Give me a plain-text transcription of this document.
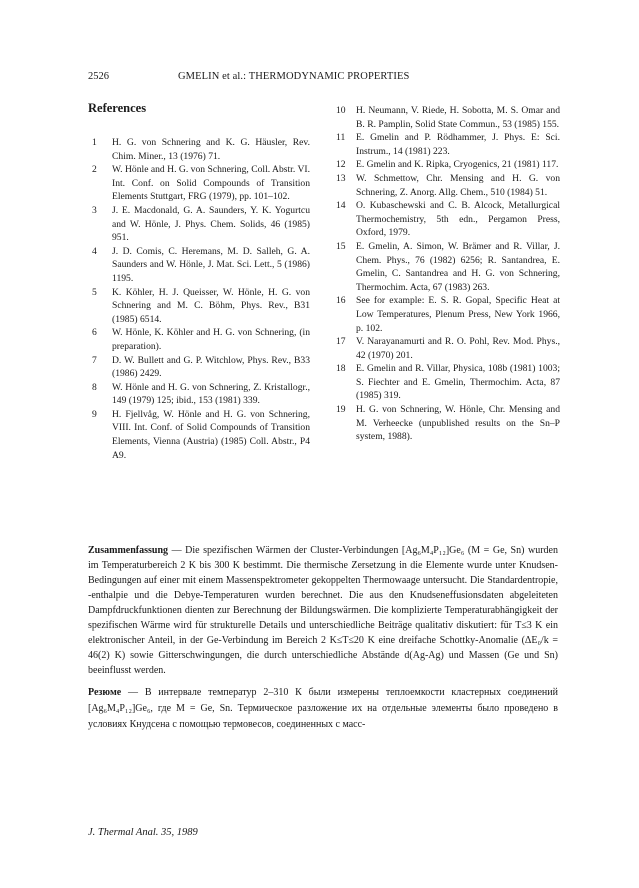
2526	GMELIN et al.: THERMODYNAMIC PROPERTIES
References

1	H. G. von Schnering and K. G. Häusler, Rev. Chim. Miner., 13 (1976) 71.

2	W. Hönle and H. G. von Schnering, Coll. Abstr. VI. Int. Conf. on Solid Compounds of Transition Elements Stuttgart, FRG (1979), pp. 101–102.

3	J. E. Macdonald, G. A. Saunders, Y. K. Yogurtcu and W. Hönle, J. Phys. Chem. Solids, 46 (1985) 951.

4	J. D. Comis, C. Heremans, M. D. Salleh, G. A. Saunders and W. Hönle, J. Mat. Sci. Lett., 5 (1986) 1195.

5	K. Köhler, H. J. Queisser, W. Hönle, H. G. von Schnering and M. C. Böhm, Phys. Rev., B31 (1985) 6514.

6	W. Hönle, K. Köhler and H. G. von Schnering, (in preparation).

7	D. W. Bullett and G. P. Witchlow, Phys. Rev., B33 (1986) 2429.

8	W. Hönle and H. G. von Schnering, Z. Kristallogr., 149 (1979) 125; ibid., 153 (1981) 339.

9	H. Fjellvåg, W. Hönle and H. G. von Schnering, VIII. Int. Conf. of Solid Compounds of Transition Elements, Vienna (Austria) (1985) Coll. Abstr., P4 A9.

10	H. Neumann, V. Riede, H. Sobotta, M. S. Omar and B. R. Pamplin, Solid State Commun., 53 (1985) 155.

11	E. Gmelin and P. Rödhammer, J. Phys. E: Sci. Instrum., 14 (1981) 223.

12	E. Gmelin and K. Ripka, Cryogenics, 21 (1981) 117.

13	W. Schmettow, Chr. Mensing and H. G. von Schnering, Z. Anorg. Allg. Chem., 510 (1984) 51.

14	O. Kubaschewski and C. B. Alcock, Metallurgical Thermochemistry, 5th edn., Pergamon Press, Oxford, 1979.

15	E. Gmelin, A. Simon, W. Brämer and R. Villar, J. Chem. Phys., 76 (1982) 6256; R. Santandrea, E. Gmelin, C. Santandrea and H. G. von Schnering, Thermochim. Acta, 67 (1983) 263.

16	See for example: E. S. R. Gopal, Specific Heat at Low Temperatures, Plenum Press, New York 1966, p. 102.

17	V. Narayanamurti and R. O. Pohl, Rev. Mod. Phys., 42 (1970) 201.

18	E. Gmelin and R. Villar, Physica, 108b (1981) 1003; S. Fiechter and E. Gmelin, Thermochim. Acta, 87 (1985) 319.

19	H. G. von Schnering, W. Hönle, Chr. Mensing and M. Verheecke (unpublished results on the Sn–P system, 1988).

Zusammenfassung — Die spezifischen Wärmen der Cluster-Verbindungen [Ag₆M₄P₁₂]Ge₆ (M = Ge, Sn) wurden im Temperaturbereich 2 K bis 300 K bestimmt. Die thermische Zersetzung in die Elemente wurde unter Knudsen-Bedingungen auf einer mit einem Massenspektrometer gekoppelten Thermowaage untersucht. Die Standardentropie, -enthalpie und die Debye-Temperaturen wurden berechnet. Die aus den Knudseneffusionsdaten abgeleiteten Dampfdruckfunktionen dienten zur Berechnung der Bildungswärmen. Die komplizierte Temperaturabhängigkeit der spezifischen Wärme wird für strukturelle Details und unterschiedliche Beiträge qualitativ diskutiert: für T≤3 K ein elektronischer Anteil, in der Ge-Verbindung im Bereich 2 K≤T≤20 K eine dreifache Schottky-Anomalie (ΔE₀/k = 46(2) K) sowie Gitterschwingungen, die durch unterschiedliche Abstände d(Ag-Ag) und Massen (Ge und Sn) beeinflusst werden.

Резюме — В интервале температур 2–310 К были измерены теплоемкости кластерных соединений [Ag₆M₄P₁₂]Ge₆, где M = Ge, Sn. Термическое разложение их на отдельные элементы было проведено в условиях Кнудсена с помощью термовесов, соединенных с масс-

J. Thermal Anal. 35, 1989
